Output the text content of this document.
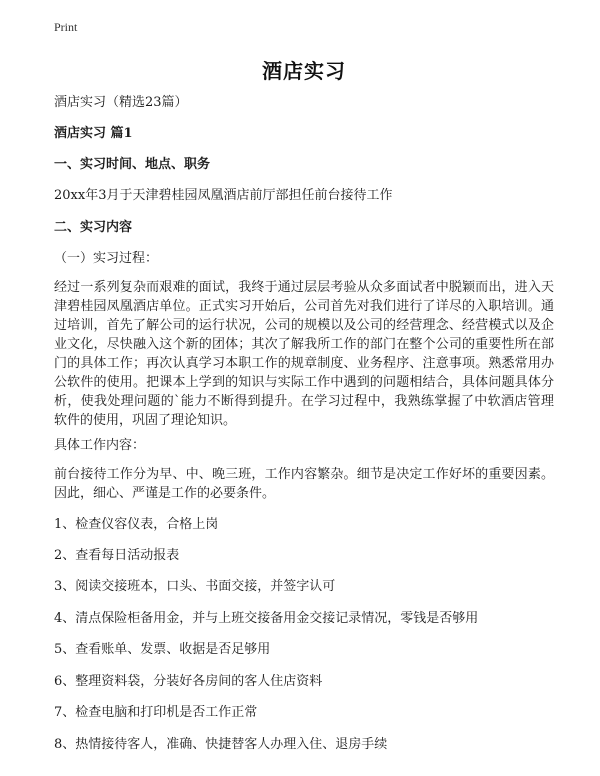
Print
酒店实习
酒店实习（精选23篇）
酒店实习 篇1
一、实习时间、地点、职务
20xx年3月于天津碧桂园凤凰酒店前厅部担任前台接待工作
二、实习内容
（一）实习过程：
经过一系列复杂而艰难的面试，我终于通过层层考验从众多面试者中脱颖而出，进入天津碧桂园凤凰酒店单位。正式实习开始后，公司首先对我们进行了详尽的入职培训。通过培训，首先了解公司的运行状况，公司的规模以及公司的经营理念、经营模式以及企业文化，尽快融入这个新的团体；其次了解我所工作的部门在整个公司的重要性所在部门的具体工作；再次认真学习本职工作的规章制度、业务程序、注意事项。熟悉常用办公软件的使用。把课本上学到的知识与实际工作中遇到的问题相结合，具体问题具体分析，使我处理问题的`能力不断得到提升。在学习过程中，我熟练掌握了中软酒店管理软件的使用，巩固了理论知识。
具体工作内容：
前台接待工作分为早、中、晚三班，工作内容繁杂。细节是决定工作好坏的重要因素。因此，细心、严谨是工作的必要条件。
1、检查仪容仪表，合格上岗
2、查看每日活动报表
3、阅读交接班本，口头、书面交接，并签字认可
4、清点保险柜备用金，并与上班交接备用金交接记录情况，零钱是否够用
5、查看账单、发票、收据是否足够用
6、整理资料袋，分装好各房间的客人住店资料
7、检查电脑和打印机是否工作正常
8、热情接待客人，准确、快捷替客人办理入住、退房手续
